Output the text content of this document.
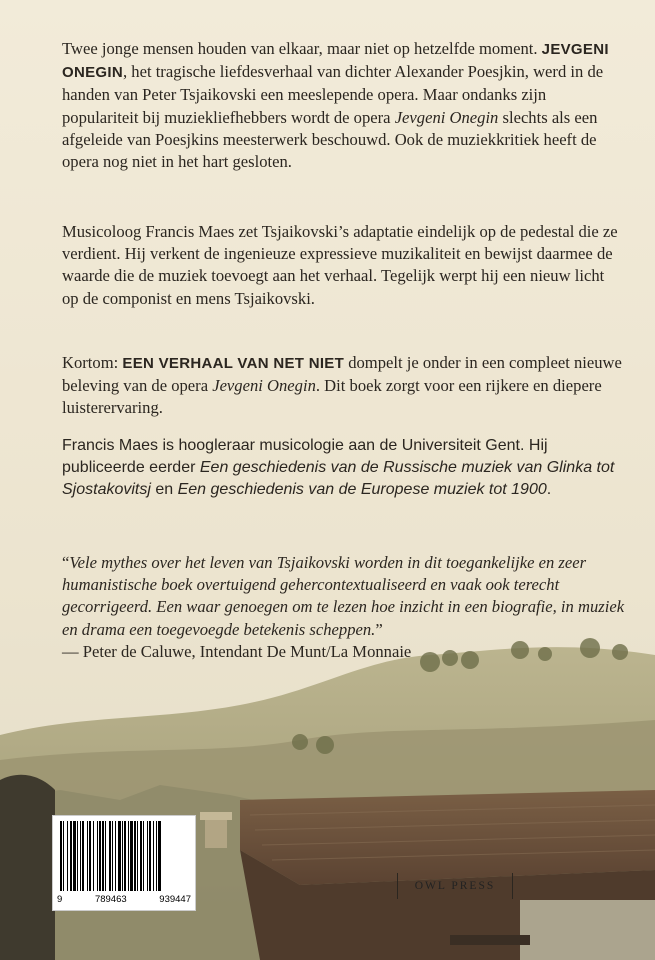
Twee jonge mensen houden van elkaar, maar niet op hetzelfde moment. JEVGENI ONEGIN, het tragische liefdesverhaal van dichter Alexander Poesjkin, werd in de handen van Peter Tsjaikovski een meeslepende opera. Maar ondanks zijn populariteit bij muziekliefhebbers wordt de opera Jevgeni Onegin slechts als een afgeleide van Poesjkins meesterwerk beschouwd. Ook de muziekkritiek heeft de opera nog niet in het hart gesloten.
Musicoloog Francis Maes zet Tsjaikovski’s adaptatie eindelijk op de pedestal die ze verdient. Hij verkent de ingenieuze expressieve muzikaliteit en bewijst daarmee de waarde die de muziek toevoegt aan het verhaal. Tegelijk werpt hij een nieuw licht op de componist en mens Tsjaikovski.
Kortom: EEN VERHAAL VAN NET NIET dompelt je onder in een compleet nieuwe beleving van de opera Jevgeni Onegin. Dit boek zorgt voor een rijkere en diepere luisterervaring.
Francis Maes is hoogleraar musicologie aan de Universiteit Gent. Hij publiceerde eerder Een geschiedenis van de Russische muziek van Glinka tot Sjostakovitsj en Een geschiedenis van de Europese muziek tot 1900.
“Vele mythes over het leven van Tsjaikovski worden in dit toegankelijke en zeer humanistische boek overtuigend gehercontextualiseerd en vaak ook terecht gecorrigeerd. Een waar genoegen om te lezen hoe inzicht in een biografie, in muziek en drama een toegevoegde betekenis scheppen.”
— Peter de Caluwe, Intendant De Munt/La Monnaie
9	789463	939447
OWL PRESS
